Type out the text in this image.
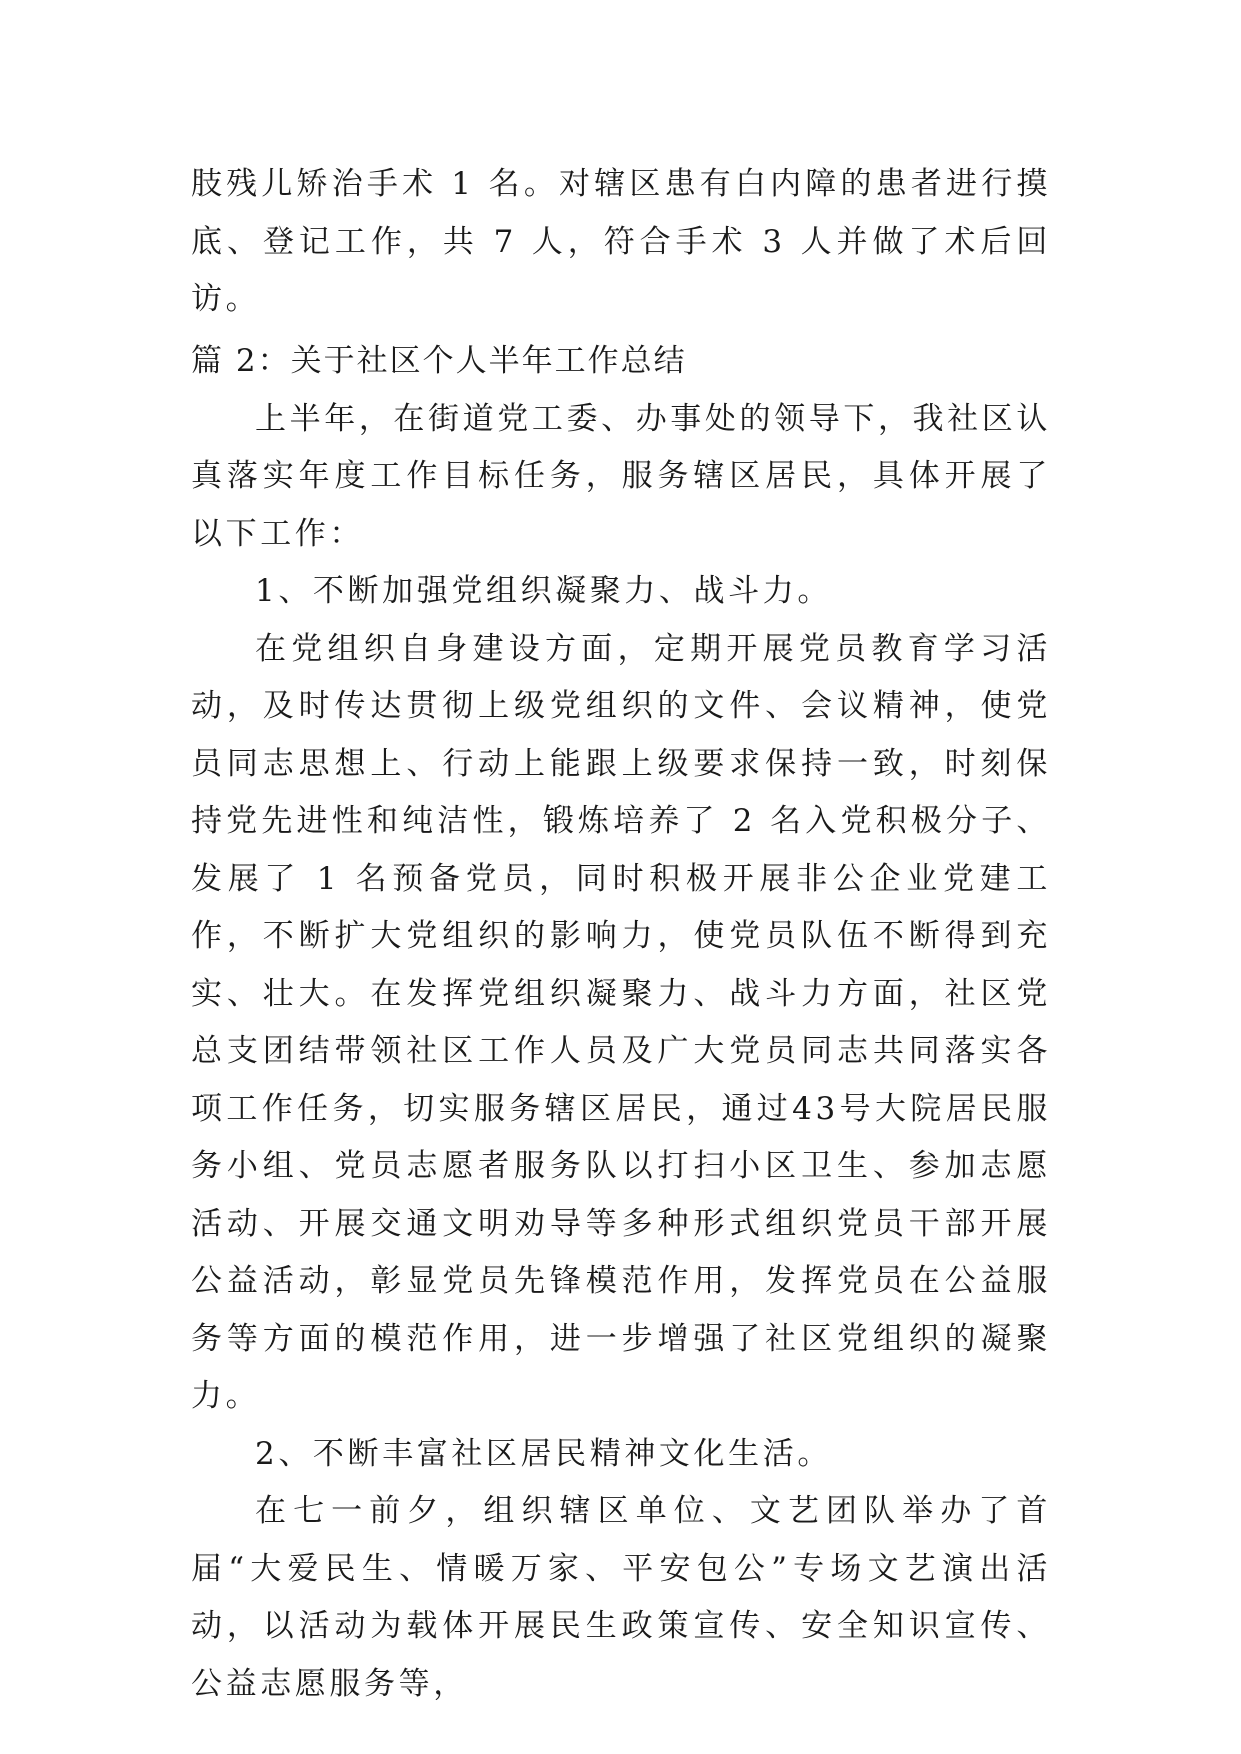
肢残儿矫治手术 1 名。对辖区患有白内障的患者进行摸底、登记工作，共 7 人，符合手术 3 人并做了术后回访。

篇 2：关于社区个人半年工作总结

上半年，在街道党工委、办事处的领导下，我社区认真落实年度工作目标任务，服务辖区居民，具体开展了以下工作：

1、不断加强党组织凝聚力、战斗力。

在党组织自身建设方面，定期开展党员教育学习活动，及时传达贯彻上级党组织的文件、会议精神，使党员同志思想上、行动上能跟上级要求保持一致，时刻保持党先进性和纯洁性，锻炼培养了 2 名入党积极分子、发展了 1 名预备党员，同时积极开展非公企业党建工作，不断扩大党组织的影响力，使党员队伍不断得到充实、壮大。在发挥党组织凝聚力、战斗力方面，社区党总支团结带领社区工作人员及广大党员同志共同落实各项工作任务，切实服务辖区居民，通过43号大院居民服务小组、党员志愿者服务队以打扫小区卫生、参加志愿活动、开展交通文明劝导等多种形式组织党员干部开展公益活动，彰显党员先锋模范作用，发挥党员在公益服务等方面的模范作用，进一步增强了社区党组织的凝聚力。

2、不断丰富社区居民精神文化生活。

在七一前夕，组织辖区单位、文艺团队举办了首届“大爱民生、情暖万家、平安包公”专场文艺演出活动，以活动为载体开展民生政策宣传、安全知识宣传、公益志愿服务等，
